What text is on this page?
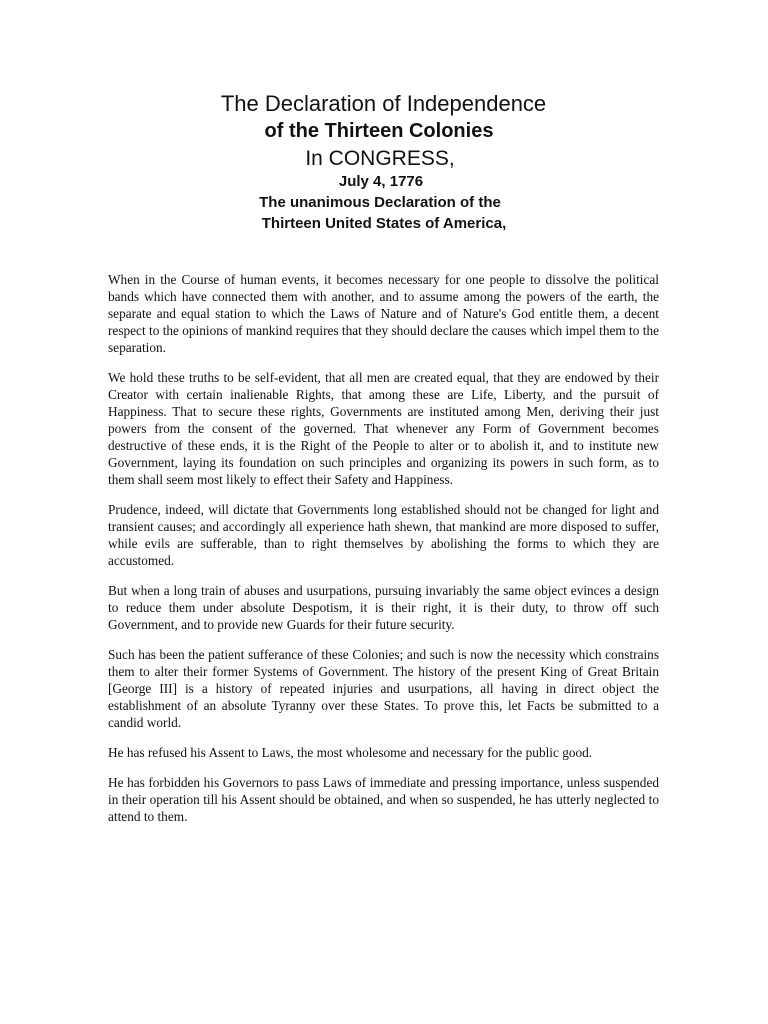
The Declaration of Independence
of the Thirteen Colonies
In CONGRESS,
July 4, 1776
The unanimous Declaration of the
Thirteen United States of America,

When in the Course of human events, it becomes necessary for one people to dissolve the political bands which have connected them with another, and to assume among the powers of the earth, the separate and equal station to which the Laws of Nature and of Nature's God entitle them, a decent respect to the opinions of mankind requires that they should declare the causes which impel them to the separation.

We hold these truths to be self-evident, that all men are created equal, that they are endowed by their Creator with certain inalienable Rights, that among these are Life, Liberty, and the pursuit of Happiness. That to secure these rights, Governments are instituted among Men, deriving their just powers from the consent of the governed. That whenever any Form of Government becomes destructive of these ends, it is the Right of the People to alter or to abolish it, and to institute new Government, laying its foundation on such principles and organizing its powers in such form, as to them shall seem most likely to effect their Safety and Happiness.

Prudence, indeed, will dictate that Governments long established should not be changed for light and transient causes; and accordingly all experience hath shewn, that mankind are more disposed to suffer, while evils are sufferable, than to right themselves by abolishing the forms to which they are accustomed.

But when a long train of abuses and usurpations, pursuing invariably the same object evinces a design to reduce them under absolute Despotism, it is their right, it is their duty, to throw off such Government, and to provide new Guards for their future security.

Such has been the patient sufferance of these Colonies; and such is now the necessity which constrains them to alter their former Systems of Government. The history of the present King of Great Britain [George III] is a history of repeated injuries and usurpations, all having in direct object the establishment of an absolute Tyranny over these States. To prove this, let Facts be submitted to a candid world.

He has refused his Assent to Laws, the most wholesome and necessary for the public good.

He has forbidden his Governors to pass Laws of immediate and pressing importance, unless suspended in their operation till his Assent should be obtained, and when so suspended, he has utterly neglected to attend to them.
